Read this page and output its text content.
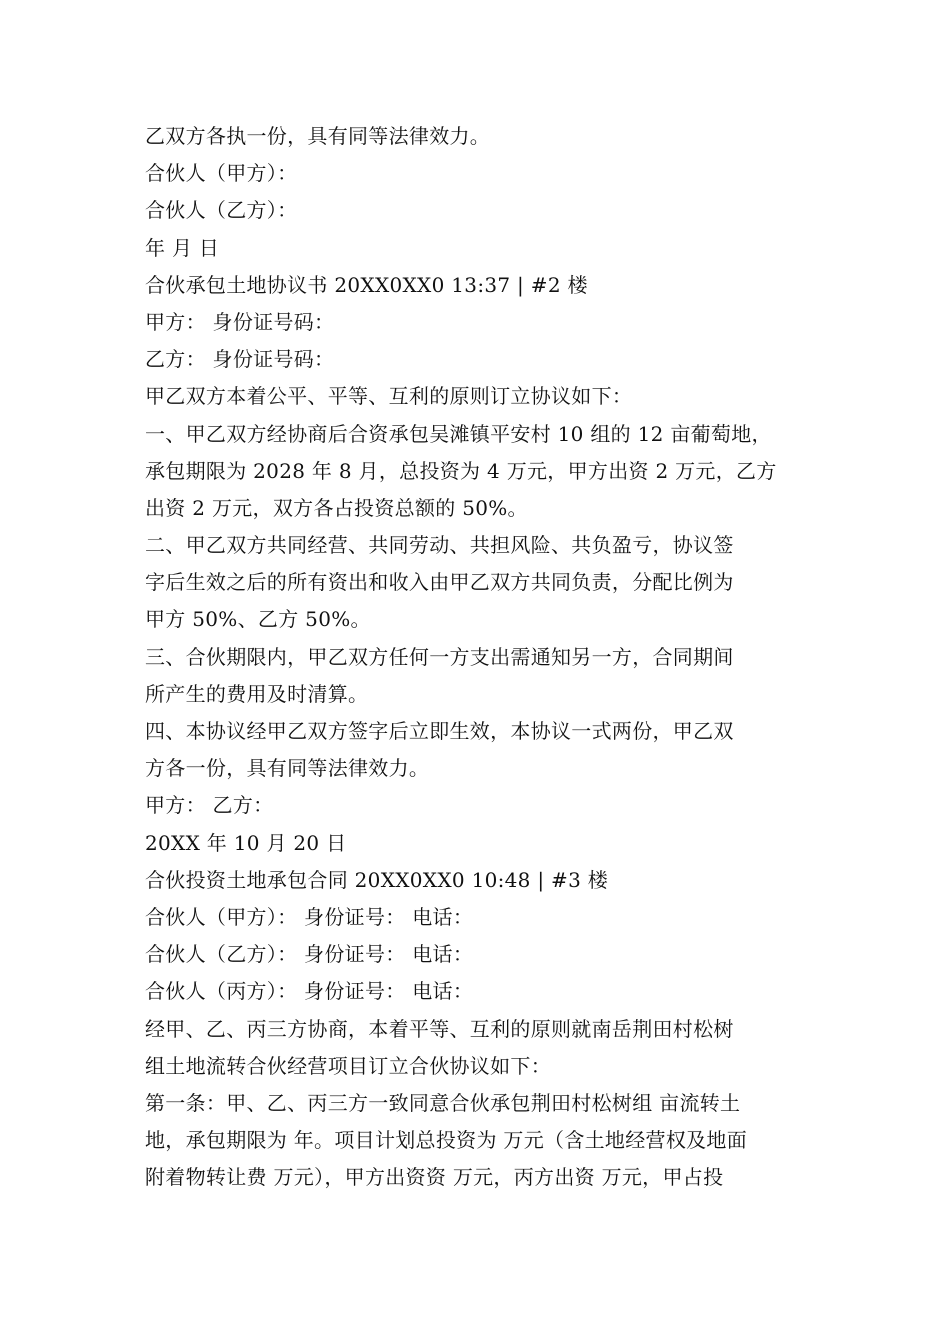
乙双方各执一份，具有同等法律效力。
合伙人（甲方）：
合伙人（乙方）：
年 月 日
合伙承包土地协议书 20XX0XX0 13:37 | #2 楼
甲方： 身份证号码：
乙方： 身份证号码：
甲乙双方本着公平、平等、互利的原则订立协议如下：
一、甲乙双方经协商后合资承包吴滩镇平安村 10 组的 12 亩葡萄地，
承包期限为 2028 年 8 月，总投资为 4 万元，甲方出资 2 万元，乙方
出资 2 万元，双方各占投资总额的 50%。
二、甲乙双方共同经营、共同劳动、共担风险、共负盈亏，协议签
字后生效之后的所有资出和收入由甲乙双方共同负责，分配比例为
甲方 50%、乙方 50%。
三、合伙期限内，甲乙双方任何一方支出需通知另一方，合同期间
所产生的费用及时清算。
四、本协议经甲乙双方签字后立即生效，本协议一式两份，甲乙双
方各一份，具有同等法律效力。
甲方： 乙方：
20XX 年 10 月 20 日
合伙投资土地承包合同 20XX0XX0 10:48 | #3 楼
合伙人（甲方）： 身份证号： 电话：
合伙人（乙方）： 身份证号： 电话：
合伙人（丙方）： 身份证号： 电话：
经甲、乙、丙三方协商，本着平等、互利的原则就南岳荆田村松树
组土地流转合伙经营项目订立合伙协议如下：
第一条：甲、乙、丙三方一致同意合伙承包荆田村松树组 亩流转土
地，承包期限为 年。项目计划总投资为 万元（含土地经营权及地面
附着物转让费 万元），甲方出资资 万元，丙方出资 万元，甲占投
